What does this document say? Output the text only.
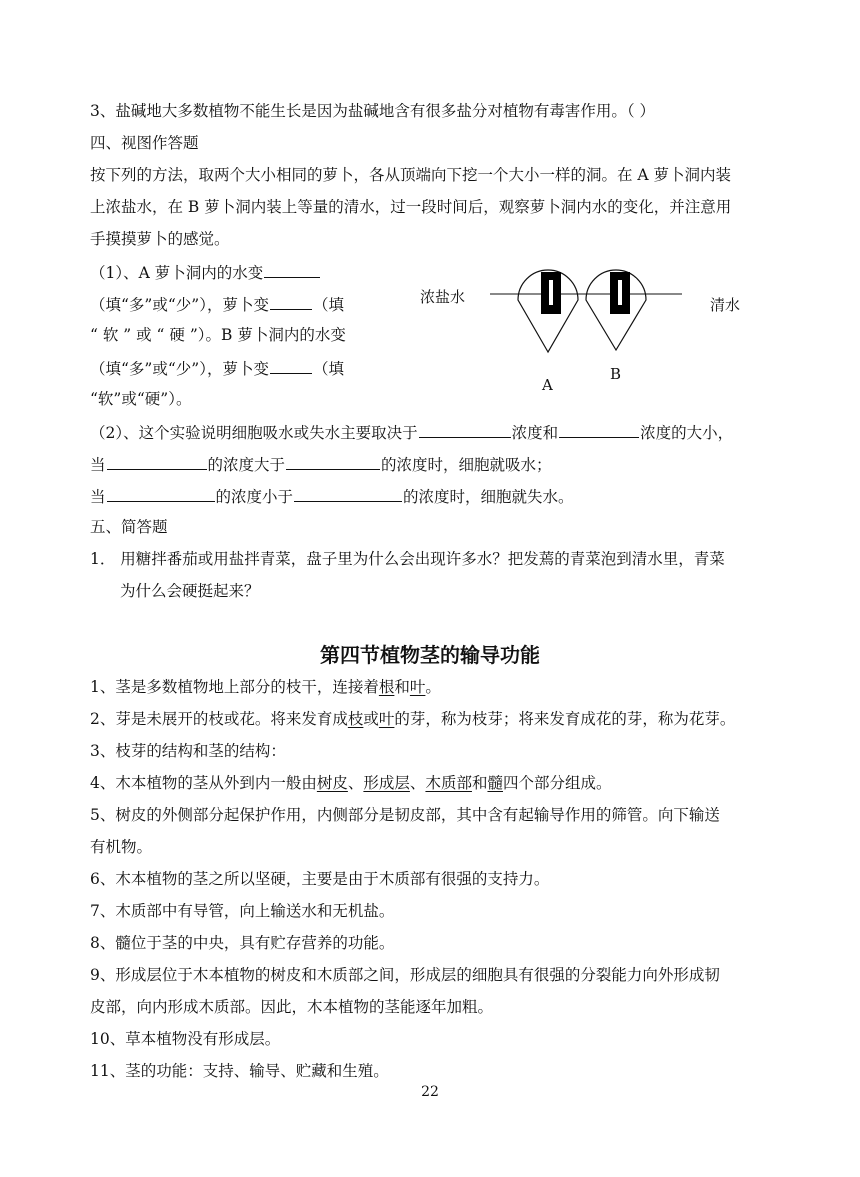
3、盐碱地大多数植物不能生长是因为盐碱地含有很多盐分对植物有毒害作用。（ ）
四、视图作答题
按下列的方法，取两个大小相同的萝卜，各从顶端向下挖一个大小一样的洞。在 A 萝卜洞内装
上浓盐水，在 B 萝卜洞内装上等量的清水，过一段时间后，观察萝卜洞内水的变化，并注意用
手摸摸萝卜的感觉。
（1）、A 萝卜洞内的水变
（填“多”或“少”），萝卜变	（填
“ 软 ” 或 “ 硬 ”）。B 萝卜洞内的水变
（填“多”或“少”），萝卜变	（填
“软”或“硬”）。
浓盐水	清水
A
B
（2）、这个实验说明细胞吸水或失水主要取决于	浓度和	浓度的大小，
当	的浓度大于	的浓度时，细胞就吸水；
当	的浓度小于	的浓度时，细胞就失水。
五、简答题
1． 用糖拌番茄或用盐拌青菜，盘子里为什么会出现许多水？把发蔫的青菜泡到清水里，青菜
为什么会硬挺起来？
第四节植物茎的输导功能
1、茎是多数植物地上部分的枝干，连接着根和叶。
2、芽是未展开的枝或花。将来发育成枝或叶的芽，称为枝芽；将来发育成花的芽，称为花芽。
3、枝芽的结构和茎的结构：
4、木本植物的茎从外到内一般由树皮、形成层、木质部和髓四个部分组成。
5、树皮的外侧部分起保护作用，内侧部分是韧皮部，其中含有起输导作用的筛管。向下输送
有机物。
6、木本植物的茎之所以坚硬，主要是由于木质部有很强的支持力。
7、木质部中有导管，向上输送水和无机盐。
8、髓位于茎的中央，具有贮存营养的功能。
9、形成层位于木本植物的树皮和木质部之间，形成层的细胞具有很强的分裂能力向外形成韧
皮部，向内形成木质部。因此，木本植物的茎能逐年加粗。
10、草本植物没有形成层。
11、茎的功能：支持、输导、贮藏和生殖。
22
